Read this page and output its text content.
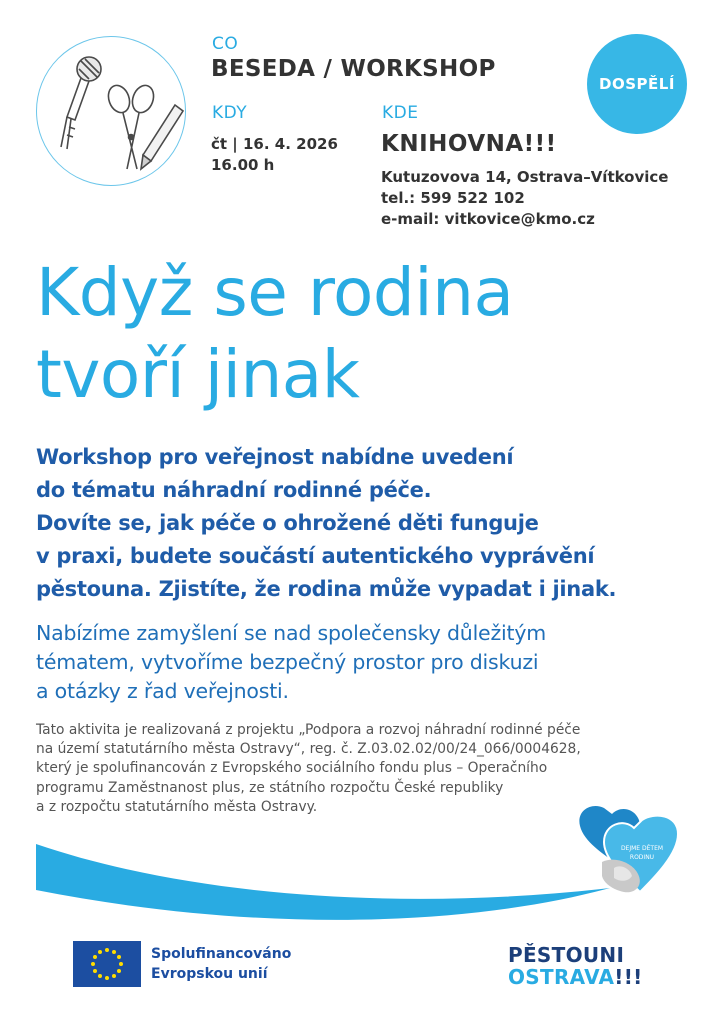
CO
BESEDA / WORKSHOP
KDY
čt | 16. 4. 2026
16.00 h
KDE
KNIHOVNA!!!
Kutuzovova 14, Ostrava–Vítkovice
tel.: 599 522 102
e-mail: vitkovice@kmo.cz
DOSPĚLÍ
Když se rodina
tvoří jinak
Workshop pro veřejnost nabídne uvedení
do tématu náhradní rodinné péče.
Dovíte se, jak péče o ohrožené děti funguje
v praxi, budete součástí autentického vyprávění
pěstouna. Zjistíte, že rodina může vypadat i jinak.
Nabízíme zamyšlení se nad společensky důležitým
tématem, vytvoříme bezpečný prostor pro diskuzi
a otázky z řad veřejnosti.
Tato aktivita je realizovaná z projektu „Podpora a rozvoj náhradní rodinné péče
na území statutárního města Ostravy“, reg. č. Z.03.02.02/00/24_066/0004628,
který je spolufinancován z Evropského sociálního fondu plus – Operačního
programu Zaměstnanost plus, ze státního rozpočtu České republiky
a z rozpočtu statutárního města Ostravy.
DEJME DĚTEM
RODINU
Spolufinancováno
Evropskou unií
PĚSTOUNI
OSTRAVA!!!
